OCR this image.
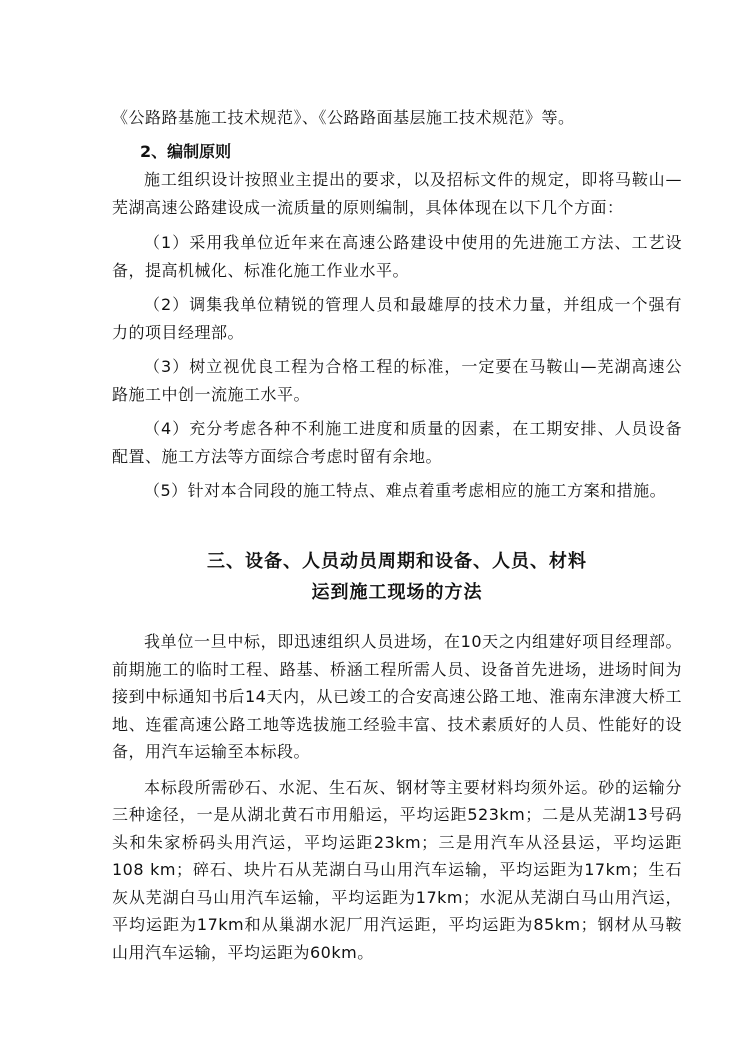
《公路路基施工技术规范》、《公路路面基层施工技术规范》等。

2、编制原则

施工组织设计按照业主提出的要求，以及招标文件的规定，即将马鞍山—芜湖高速公路建设成一流质量的原则编制，具体体现在以下几个方面：

（1）采用我单位近年来在高速公路建设中使用的先进施工方法、工艺设备，提高机械化、标准化施工作业水平。

（2）调集我单位精锐的管理人员和最雄厚的技术力量，并组成一个强有力的项目经理部。

（3）树立视优良工程为合格工程的标准，一定要在马鞍山—芜湖高速公路施工中创一流施工水平。

（4）充分考虑各种不利施工进度和质量的因素，在工期安排、人员设备配置、施工方法等方面综合考虑时留有余地。

（5）针对本合同段的施工特点、难点着重考虑相应的施工方案和措施。

三、设备、人员动员周期和设备、人员、材料

运到施工现场的方法

我单位一旦中标，即迅速组织人员进场，在10天之内组建好项目经理部。前期施工的临时工程、路基、桥涵工程所需人员、设备首先进场，进场时间为接到中标通知书后14天内，从已竣工的合安高速公路工地、淮南东津渡大桥工地、连霍高速公路工地等选拔施工经验丰富、技术素质好的人员、性能好的设备，用汽车运输至本标段。

本标段所需砂石、水泥、生石灰、钢材等主要材料均须外运。砂的运输分三种途径，一是从湖北黄石市用船运，平均运距523km；二是从芜湖13号码头和朱家桥码头用汽运，平均运距23km；三是用汽车从泾县运，平均运距108 km；碎石、块片石从芜湖白马山用汽车运输，平均运距为17km；生石灰从芜湖白马山用汽车运输，平均运距为17km；水泥从芜湖白马山用汽运，平均运距为17km和从巢湖水泥厂用汽运距，平均运距为85km；钢材从马鞍山用汽车运输，平均运距为60km。
